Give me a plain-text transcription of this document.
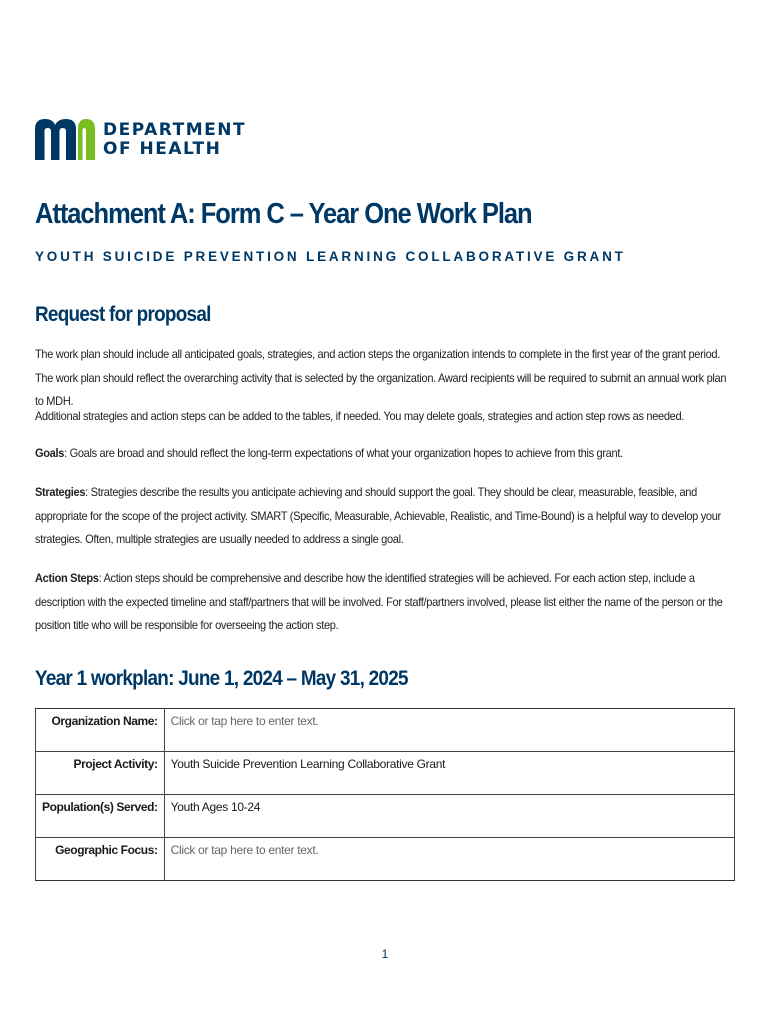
DEPARTMENT
OF HEALTH
Attachment A: Form C – Year One Work Plan
YOUTH SUICIDE PREVENTION LEARNING COLLABORATIVE GRANT
Request for proposal
The work plan should include all anticipated goals, strategies, and action steps the organization intends to complete in the first year of the grant period. The work plan should reflect the overarching activity that is selected by the organization. Award recipients will be required to submit an annual work plan to MDH.
Additional strategies and action steps can be added to the tables, if needed. You may delete goals, strategies and action step rows as needed.
Goals: Goals are broad and should reflect the long-term expectations of what your organization hopes to achieve from this grant.
Strategies: Strategies describe the results you anticipate achieving and should support the goal. They should be clear, measurable, feasible, and appropriate for the scope of the project activity. SMART (Specific, Measurable, Achievable, Realistic, and Time-Bound) is a helpful way to develop your strategies. Often, multiple strategies are usually needed to address a single goal.
Action Steps: Action steps should be comprehensive and describe how the identified strategies will be achieved. For each action step, include a description with the expected timeline and staff/partners that will be involved. For staff/partners involved, please list either the name of the person or the position title who will be responsible for overseeing the action step.
Year 1 workplan: June 1, 2024 – May 31, 2025
Organization Name:	Click or tap here to enter text.
Project Activity:	Youth Suicide Prevention Learning Collaborative Grant
Population(s) Served:	Youth Ages 10-24
Geographic Focus:	Click or tap here to enter text.
1
